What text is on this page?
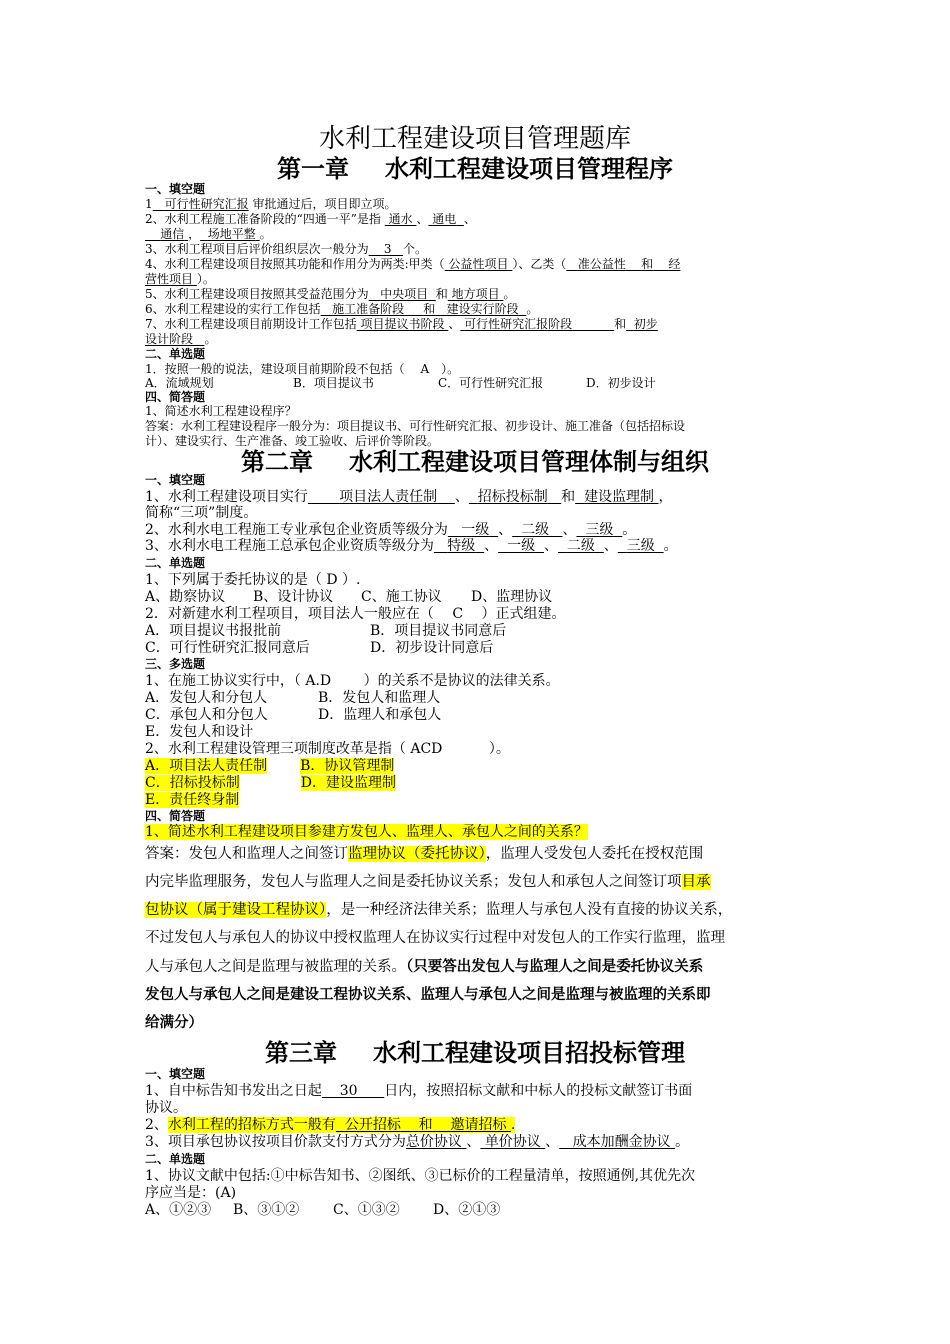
水利工程建设项目管理题库
第一章 水利工程建设项目管理程序
一、填空题
1　 可行性研究汇报 审批通过后，项目即立项。
2、水利工程施工准备阶段的“四通一平”是指 通水 、 通电 、
通信 ， 场地平整 。
3、水利工程项目后评价组织层次一般分为 3 个。
4、水利工程建设项目按照其功能和作用分为两类:甲类（ 公益性项目 ）、乙类（ 准公益性 和 经
营性项目 ）。
5、水利工程建设项目按照其受益范围分为 中央项目 和 地方项目 。
6、水利工程建设的实行工作包括 施工准备阶段 和 建设实行阶段 。
7、水利工程建设项目前期设计工作包括 项目提议书阶段 、 可行性研究汇报阶段	和 初步
设计阶段 。
二、单选题
1．按照一般的说法，建设项目前期阶段不包括（　 A　）。
A．流域规划	B．项目提议书	C．可行性研究汇报	D．初步设计
四、简答题
1、简述水利工程建设程序？
答案：水利工程建设程序一般分为：项目提议书、可行性研究汇报、初步设计、施工准备（包括招标设
计）、建设实行、生产准备、竣工验收、后评价等阶段。
第二章 水利工程建设项目管理体制与组织
一、填空题
1、水利工程建设项目实行 项目法人责任制 、 招标投标制 和 建设监理制 ，
简称“三项”制度。
2、水利水电工程施工专业承包企业资质等级分为 一级 、 二级 、 三级 。
3、水利水电工程施工总承包企业资质等级分为 特级 、 一级 、 二级 、 三级 。
二、单选题
1、下列属于委托协议的是（ D ）.
A、勘察协议 B、设计协议 C、施工协议 D、监理协议
2．对新建水利工程项目，项目法人一般应在（　 C　 ）正式组建。
A．项目提议书报批前	B．项目提议书同意后
C．可行性研究汇报同意后	D．初步设计同意后
三、多选题
1、在施工协议实行中，（ A.D　　 ）的关系不是协议的法律关系。
A．发包人和分包人	B．发包人和监理人
C．承包人和分包人	D．监理人和承包人
E．发包人和设计
2、水利工程建设管理三项制度改革是指（ ACD　　　 ）。
A．项目法人责任制 B．协议管理制
C．招标投标制	D．建设监理制
E．责任终身制
四、简答题
1、简述水利工程建设项目参建方发包人、监理人、承包人之间的关系？
答案：发包人和监理人之间签订监理协议（委托协议），监理人受发包人委托在授权范围
内完毕监理服务，发包人与监理人之间是委托协议关系；发包人和承包人之间签订项目承
包协议（属于建设工程协议），是一种经济法律关系；监理人与承包人没有直接的协议关系，
不过发包人与承包人的协议中授权监理人在协议实行过程中对发包人的工作实行监理，监理
人与承包人之间是监理与被监理的关系。（只要答出发包人与监理人之间是委托协议关系
发包人与承包人之间是建设工程协议关系、监理人与承包人之间是监理与被监理的关系即
给满分）
第三章 水利工程建设项目招投标管理
一、填空题
1、自中标告知书发出之日起 30 日内，按照招标文献和中标人的投标文献签订书面
协议。
2、水利工程的招标方式一般有 公开招标 和 邀请招标 .
3、项目承包协议按项目价款支付方式分为总价协议 、 单价协议 、 成本加酬金协议 。
二、单选题
1、协议文献中包括:①中标告知书、②图纸、③已标价的工程量清单，按照通例,其优先次
序应当是：(A)
A、①②③ B、③①② C、①③② D、②①③
